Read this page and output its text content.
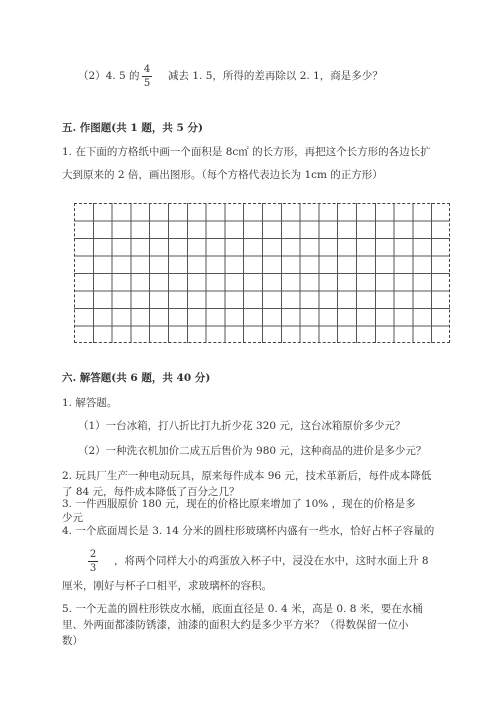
（2）4. 5 的
4
5
减去 1. 5，所得的差再除以 2. 1，商是多少？
五. 作图题(共 1 题，共 5 分)
1. 在下面的方格纸中画一个面积是 8c㎡ 的长方形，再把这个长方形的各边长扩
大到原来的 2 倍，画出图形。（每个方格代表边长为 1cm 的正方形）
六. 解答题(共 6 题，共 40 分)
1. 解答题。
（1）一台冰箱，打八折比打九折少花 320 元，这台冰箱原价多少元？
（2）一种洗衣机加价二成五后售价为 980 元，这种商品的进价是多少元？
2. 玩具厂生产一种电动玩具，原来每件成本 96 元，技术革新后，每件成本降低
了 84 元，每件成本降低了百分之几？
3. 一件西服原价 180 元，现在的价格比原来增加了 10% ，现在的价格是多
少元
4. 一个底面周长是 3. 14 分米的圆柱形玻璃杯内盛有一些水，恰好占杯子容量的
2
3
，将两个同样大小的鸡蛋放入杯子中，浸没在水中，这时水面上升 8
厘米，刚好与杯子口相平，求玻璃杯的容积。
5. 一个无盖的圆柱形铁皮水桶，底面直径是 0. 4 米，高是 0. 8 米，要在水桶
里、外两面都漆防锈漆，油漆的面积大约是多少平方米？（得数保留一位小
数）
